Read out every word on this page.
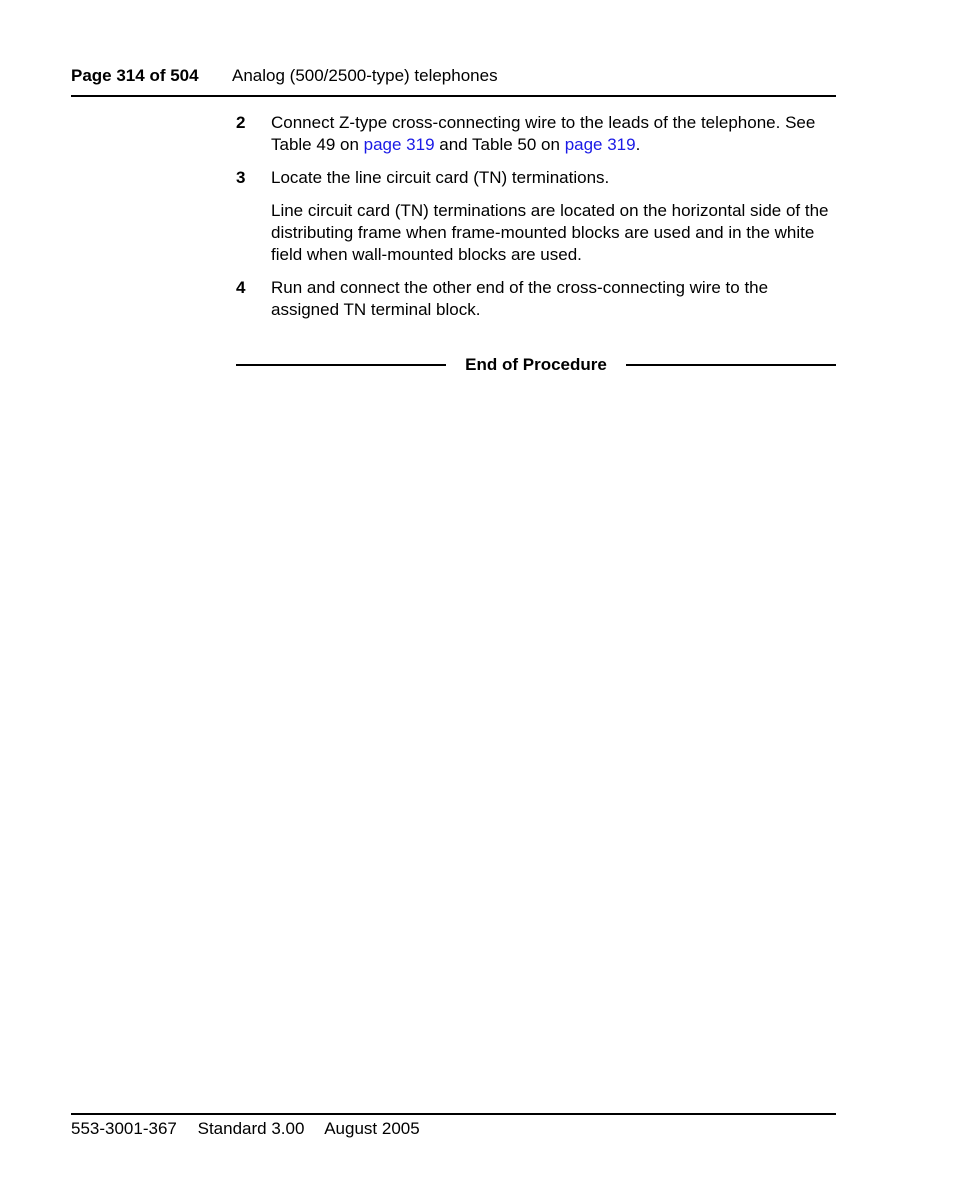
Page 314 of 504 Analog (500/2500-type) telephones
2 Connect Z-type cross-connecting wire to the leads of the telephone. See Table 49 on page 319 and Table 50 on page 319.
3 Locate the line circuit card (TN) terminations.

Line circuit card (TN) terminations are located on the horizontal side of the distributing frame when frame-mounted blocks are used and in the white field when wall-mounted blocks are used.

4 Run and connect the other end of the cross-connecting wire to the assigned TN terminal block.

End of Procedure
553-3001-367 Standard 3.00 August 2005
